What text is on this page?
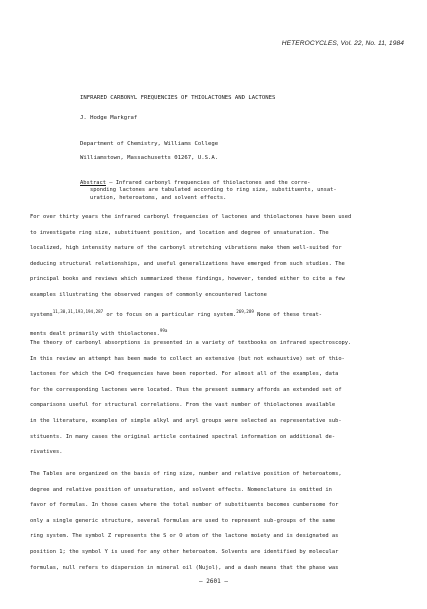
HETEROCYCLES, Vol. 22, No. 11, 1984
INFRARED CARBONYL FREQUENCIES OF THIOLACTONES AND LACTONES
J. Hodge Markgraf
Department of Chemistry, Williams College
Williamstown, Massachusetts 01267, U.S.A.
Abstract — Infrared carbonyl frequencies of thiolactones and the corre-
sponding lactones are tabulated according to ring size, substituents, unsat-
uration, heteroatoms, and solvent effects.
For over thirty years the infrared carbonyl frequencies of lactones and thiolactones have been used
to investigate ring size, substituent position, and location and degree of unsaturation. The
localized, high intensity nature of the carbonyl stretching vibrations make them well-suited for
deducing structural relationships, and useful generalizations have emerged from such studies. The
principal books and reviews which summarized these findings, however, tended either to cite a few
examples illustrating the observed ranges of commonly encountered lactone
systems$^{11,30,31,193,194,287}$ or to focus on a particular ring system.$^{269,289}$ None of these treat-
ments dealt primarily with thiolactones.$^{99a}$
The theory of carbonyl absorptions is presented in a variety of textbooks on infrared spectroscopy.
In this review an attempt has been made to collect an extensive (but not exhaustive) set of thio-
lactones for which the C=O frequencies have been reported. For almost all of the examples, data
for the corresponding lactones were located. Thus the present summary affords an extended set of
comparisons useful for structural correlations. From the vast number of thiolactones available
in the literature, examples of simple alkyl and aryl groups were selected as representative sub-
stituents. In many cases the original article contained spectral information on additional de-
rivatives.
The Tables are organized on the basis of ring size, number and relative position of heteroatoms,
degree and relative position of unsaturation, and solvent effects. Nomenclature is omitted in
favor of formulas. In those cases where the total number of substituents becomes cumbersome for
only a single generic structure, several formulas are used to represent sub-groups of the same
ring system. The symbol Z represents the S or O atom of the lactone moiety and is designated as
position 1; the symbol Y is used for any other heteroatom. Solvents are identified by molecular
formulas, null refers to dispersion in mineral oil (Nujol), and a dash means that the phase was
— 2601 —
